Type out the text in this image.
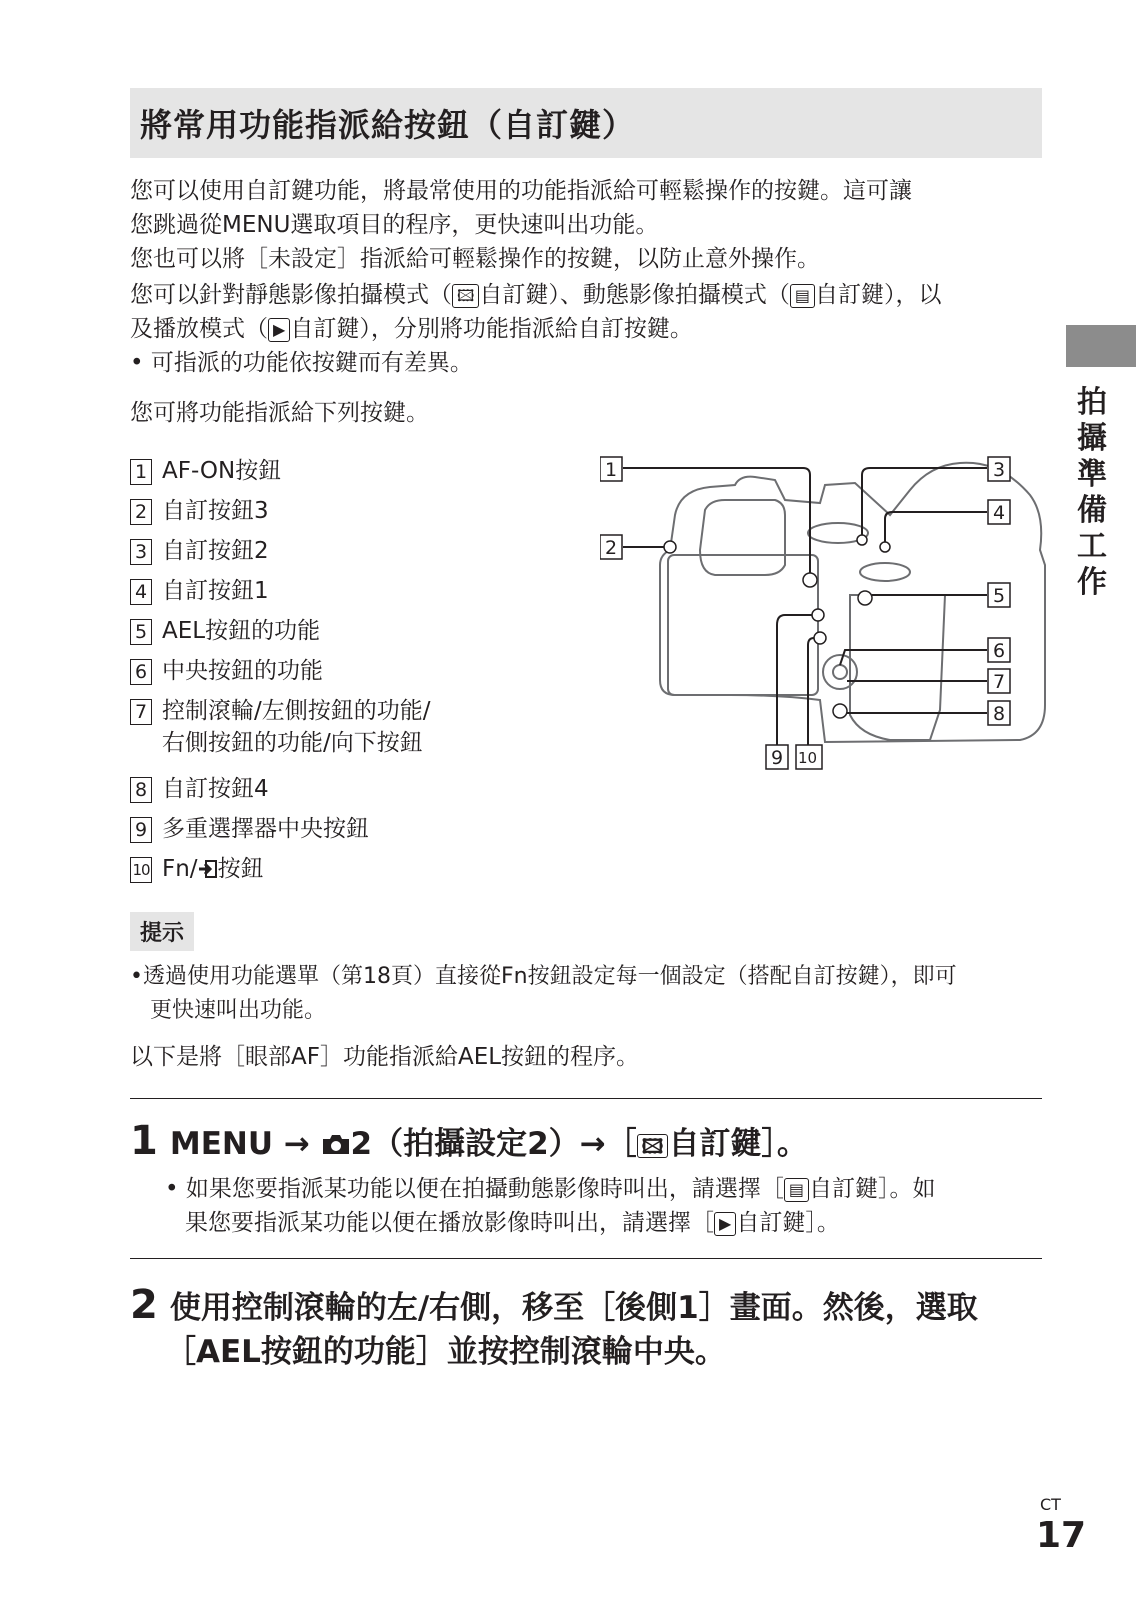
將常用功能指派給按鈕（自訂鍵）
拍攝準備工作
您可以使用自訂鍵功能，將最常使用的功能指派給可輕鬆操作的按鍵。這可讓
您跳過從MENU選取項目的程序，更快速叫出功能。
您也可以將［未設定］指派給可輕鬆操作的按鍵，以防止意外操作。
您可以針對靜態影像拍攝模式（ 🖾 自訂鍵）、動態影像拍攝模式（ ▤ 自訂鍵），以
及播放模式（ ▶ 自訂鍵），分別將功能指派給自訂按鍵。
• 可指派的功能依按鍵而有差異。
您可將功能指派給下列按鍵。
1 AF-ON按鈕
2 自訂按鈕3
3 自訂按鈕2
4 自訂按鈕1
5 AEL按鈕的功能
6 中央按鈕的功能
7 控制滾輪/左側按鈕的功能/
右側按鈕的功能/向下按鈕
8 自訂按鈕4
9 多重選擇器中央按鈕
10 Fn/ 按鈕
1
2
3
4
5
6
7
8
9 10
提示
•透過使用功能選單（第18頁）直接從Fn按鈕設定每一個設定（搭配自訂按鍵），即可
更快速叫出功能。
以下是將［眼部AF］功能指派給AEL按鈕的程序。
1 MENU → 2（拍攝設定2）→［ 🖾 自訂鍵］。
• 如果您要指派某功能以便在拍攝動態影像時叫出，請選擇［ ▤ 自訂鍵］。如
果您要指派某功能以便在播放影像時叫出，請選擇［ ▶ 自訂鍵］。
2 使用控制滾輪的左/右側，移至［後側1］畫面。然後，選取
［AEL按鈕的功能］並按控制滾輪中央。
CT
17
